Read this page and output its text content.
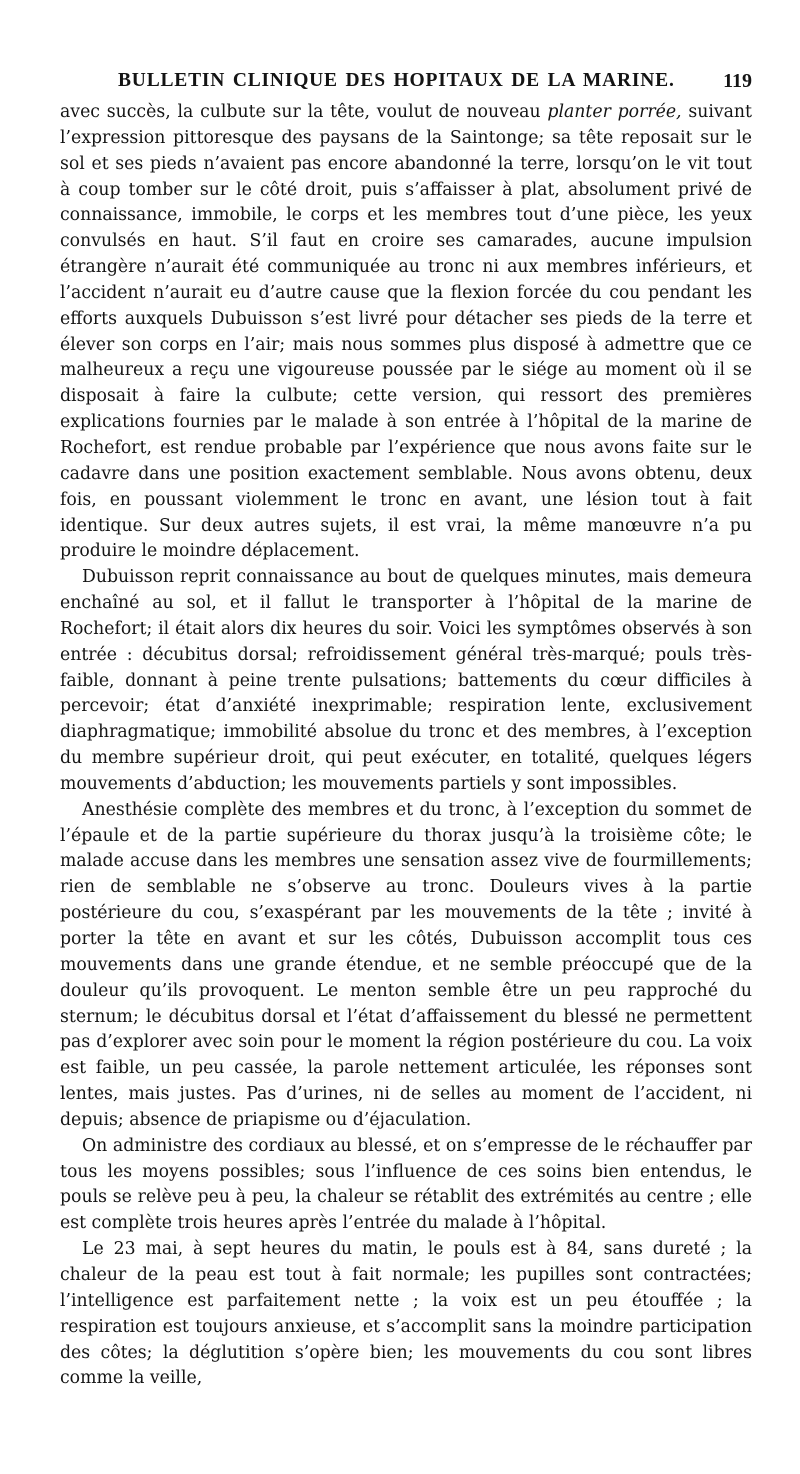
BULLETIN CLINIQUE DES HOPITAUX DE LA MARINE. 119

avec succès, la culbute sur la tête, voulut de nouveau planter porrée, suivant l’expression pittoresque des paysans de la Saintonge; sa tête reposait sur le sol et ses pieds n’avaient pas encore abandonné la terre, lorsqu’on le vit tout à coup tomber sur le côté droit, puis s’affaisser à plat, absolument privé de connaissance, immobile, le corps et les membres tout d’une pièce, les yeux convulsés en haut. S’il faut en croire ses camarades, aucune impulsion étrangère n’aurait été communiquée au tronc ni aux membres inférieurs, et l’accident n’aurait eu d’autre cause que la flexion forcée du cou pendant les efforts auxquels Dubuisson s’est livré pour détacher ses pieds de la terre et élever son corps en l’air; mais nous sommes plus disposé à admettre que ce malheureux a reçu une vigoureuse poussée par le siége au moment où il se disposait à faire la culbute; cette version, qui ressort des premières explications fournies par le malade à son entrée à l’hôpital de la marine de Rochefort, est rendue probable par l’expérience que nous avons faite sur le cadavre dans une position exactement semblable. Nous avons obtenu, deux fois, en poussant violemment le tronc en avant, une lésion tout à fait identique. Sur deux autres sujets, il est vrai, la même manœuvre n’a pu produire le moindre déplacement.

Dubuisson reprit connaissance au bout de quelques minutes, mais demeura enchaîné au sol, et il fallut le transporter à l’hôpital de la marine de Rochefort; il était alors dix heures du soir. Voici les symptômes observés à son entrée : décubitus dorsal; refroidissement général très-marqué; pouls très-faible, donnant à peine trente pulsations; battements du cœur difficiles à percevoir; état d’anxiété inexprimable; respiration lente, exclusivement diaphragmatique; immobilité absolue du tronc et des membres, à l’exception du membre supérieur droit, qui peut exécuter, en totalité, quelques légers mouvements d’abduction; les mouvements partiels y sont impossibles.

Anesthésie complète des membres et du tronc, à l’exception du sommet de l’épaule et de la partie supérieure du thorax jusqu’à la troisième côte; le malade accuse dans les membres une sensation assez vive de fourmillements; rien de semblable ne s’observe au tronc. Douleurs vives à la partie postérieure du cou, s’exaspérant par les mouvements de la tête ; invité à porter la tête en avant et sur les côtés, Dubuisson accomplit tous ces mouvements dans une grande étendue, et ne semble préoccupé que de la douleur qu’ils provoquent. Le menton semble être un peu rapproché du sternum; le décubitus dorsal et l’état d’affaissement du blessé ne permettent pas d’explorer avec soin pour le moment la région postérieure du cou. La voix est faible, un peu cassée, la parole nettement articulée, les réponses sont lentes, mais justes. Pas d’urines, ni de selles au moment de l’accident, ni depuis; absence de priapisme ou d’éjaculation.

On administre des cordiaux au blessé, et on s’empresse de le réchauffer par tous les moyens possibles; sous l’influence de ces soins bien entendus, le pouls se relève peu à peu, la chaleur se rétablit des extrémités au centre ; elle est complète trois heures après l’entrée du malade à l’hôpital.

Le 23 mai, à sept heures du matin, le pouls est à 84, sans dureté ; la chaleur de la peau est tout à fait normale; les pupilles sont contractées; l’intelligence est parfaitement nette ; la voix est un peu étouffée ; la respiration est toujours anxieuse, et s’accomplit sans la moindre participation des côtes; la déglutition s’opère bien; les mouvements du cou sont libres comme la veille,
